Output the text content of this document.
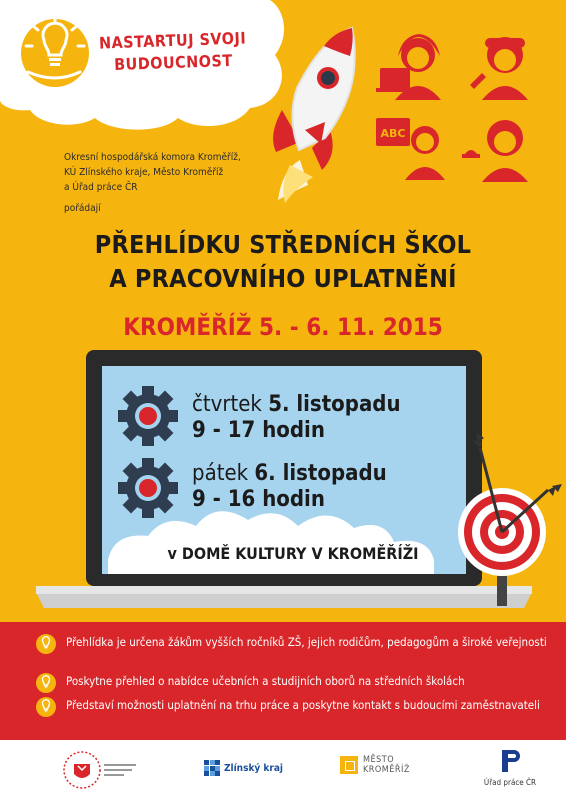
ABC
NASTARTUJ SVOJI
BUDOUCNOST
Okresní hospodářská komora Kroměříž,
KÚ Zlínského kraje, Město Kroměříž
a Úřad práce ČR
pořádají
PŘEHLÍDKU STŘEDNÍCH ŠKOL
A PRACOVNÍHO UPLATNĚNÍ
KROMĚŘÍŽ 5. - 6. 11. 2015
čtvrtek 5. listopadu
9 - 17 hodin
pátek 6. listopadu
9 - 16 hodin
v DOMĚ KULTURY V KROMĚŘÍŽI
Přehlídka je určena žákům vyšších ročníků ZŠ, jejich rodičům, pedagogům a široké veřejnosti
Poskytne přehled o nabídce učebních a studijních oborů na středních školách
Představí možnosti uplatnění na trhu práce a poskytne kontakt s budoucími zaměstnavateli
Zlínský kraj
MĚSTO
KROMĚŘÍŽ
Úřad práce ČR
